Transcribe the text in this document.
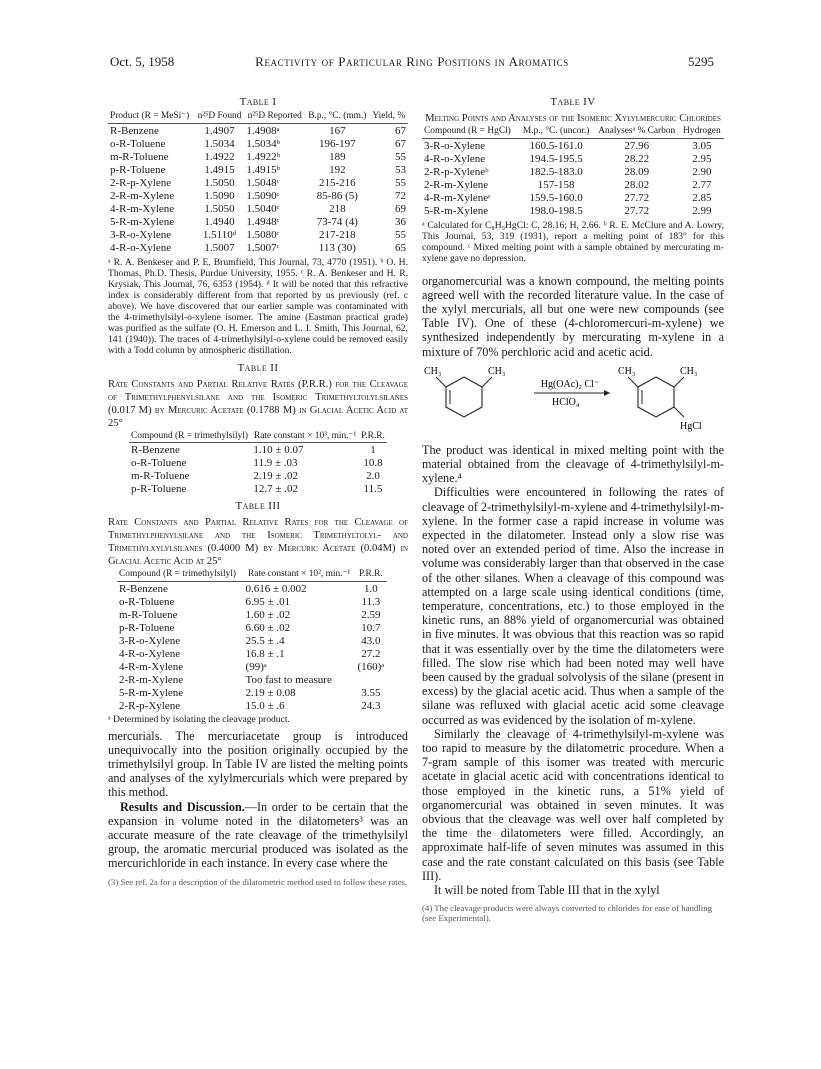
Oct. 5, 1958	Reactivity of Particular Ring Positions in Aromatics	5295
Table I
Product (R = MeSi⁻)	n²⁵D Found	n²⁵D Reported	B.p., °C. (mm.)	Yield, %

R-Benzene	1.4907	1.4908ᵃ	167	67
o-R-Toluene	1.5034	1.5034ᵇ	196-197	67
m-R-Toluene	1.4922	1.4922ᵇ	189	55
p-R-Toluene	1.4915	1.4915ᵇ	192	53
2-R-p-Xylene	1.5050	1.5048ᶜ	215-216	55
2-R-m-Xylene	1.5090	1.5090ᶜ	85-86 (5)	72
4-R-m-Xylene	1.5050	1.5040ᶜ	218	69
5-R-m-Xylene	1.4940	1.4948ᶜ	73-74 (4)	36
3-R-o-Xylene	1.5110ᵈ	1.5080ᶜ	217-218	55
4-R-o-Xylene	1.5007	1.5007ᶜ	113 (30)	65
ᵃ R. A. Benkeser and P. E. Brumfield, This Journal, 73, 4770 (1951). ᵇ O. H. Thomas, Ph.D. Thesis, Purdue University, 1955. ᶜ R. A. Benkeser and H. R. Krysiak, This Journal, 76, 6353 (1954). ᵈ It will be noted that this refractive index is considerably different from that reported by us previously (ref. c above). We have discovered that our earlier sample was contaminated with the 4-trimethylsilyl-o-xylene isomer. The amine (Eastman practical grade) was purified as the sulfate (O. H. Emerson and L. I. Smith, This Journal, 62, 141 (1940)). The traces of 4-trimethylsilyl-o-xylene could be removed easily with a Todd column by atmospheric distillation.
Table II
Rate Constants and Partial Relative Rates (P.R.R.) for the Cleavage of Trimethylphenylsilane and the Isomeric Trimethyltolylsilanes (0.017 M) by Mercuric Acetate (0.1788 M) in Glacial Acetic Acid at 25°
Compound (R = trimethylsilyl)	Rate constant × 10³, min.⁻¹	P.R.R.

R-Benzene	1.10 ± 0.07	1
o-R-Toluene	11.9 ± .03	10.8
m-R-Toluene	2.19 ± .02	2.0
p-R-Toluene	12.7 ± .02	11.5
Table III
Rate Constants and Partial Relative Rates for the Cleavage of Trimethylphenylsilane and the Isomeric Trimethyltolyl- and Trimethylxylylsilanes (0.4000 M) by Mercuric Acetate (0.04M) in Glacial Acetic Acid at 25°
Compound (R = trimethylsilyl)	Rate constant × 10², min.⁻¹	P.R.R.

R-Benzene	0.616 ± 0.002	1.0
o-R-Toluene	6.95 ± .01	11.3
m-R-Toluene	1.60 ± .02	2.59
p-R-Toluene	6.60 ± .02	10.7
3-R-o-Xylene	25.5 ± .4	43.0
4-R-o-Xylene	16.8 ± .1	27.2
4-R-m-Xylene	(99)ᵃ	(160)ᵃ
2-R-m-Xylene	Too fast to measure	
5-R-m-Xylene	2.19 ± 0.08	3.55
2-R-p-Xylene	15.0 ± .6	24.3
ᵃ Determined by isolating the cleavage product.

mercurials. The mercuriacetate group is introduced unequivocally into the position originally occupied by the trimethylsilyl group. In Table IV are listed the melting points and analyses of the xylylmercurials which were prepared by this method.

Results and Discussion.—In order to be certain that the expansion in volume noted in the dilatometers³ was an accurate measure of the rate cleavage of the trimethylsilyl group, the aromatic mercurial produced was isolated as the mercurichloride in each instance. In every case where the

(3) See ref. 2a for a description of the dilatometric method used to follow these rates.
Table IV
Melting Points and Analyses of the Isomeric Xylylmercuric Chlorides
Compound (R = HgCl)	M.p., °C. (uncor.)	Analysesᵃ % Carbon	Hydrogen

3-R-o-Xylene	160.5-161.0	27.96	3.05
4-R-o-Xylene	194.5-195.5	28.22	2.95
2-R-p-Xyleneᵇ	182.5-183.0	28.09	2.90
2-R-m-Xylene	157-158	28.02	2.77
4-R-m-Xyleneᶜ	159.5-160.0	27.72	2.85
5-R-m-Xylene	198.0-198.5	27.72	2.99
ᵃ Calculated for C₈H₉HgCl: C, 28.16; H, 2.66. ᵇ R. E. McClure and A. Lowry, This Journal, 53, 319 (1931), report a melting point of 183° for this compound. ᶜ Mixed melting point with a sample obtained by mercurating m-xylene gave no depression.

organomercurial was a known compound, the melting points agreed well with the recorded literature value. In the case of the xylyl mercurials, all but one were new compounds (see Table IV). One of these (4-chloromercuri-m-xylene) we synthesized independently by mercurating m-xylene in a mixture of 70% perchloric acid and acetic acid.

CH₃	CH₃
Hg(OAc)₂ Cl⁻
HClO₄
CH₃	CH₃
HgCl

The product was identical in mixed melting point with the material obtained from the cleavage of 4-trimethylsilyl-m-xylene.⁴

Difficulties were encountered in following the rates of cleavage of 2-trimethylsilyl-m-xylene and 4-trimethylsilyl-m-xylene. In the former case a rapid increase in volume was expected in the dilatometer. Instead only a slow rise was noted over an extended period of time. Also the increase in volume was considerably larger than that observed in the case of the other silanes. When a cleavage of this compound was attempted on a large scale using identical conditions (time, temperature, concentrations, etc.) to those employed in the kinetic runs, an 88% yield of organomercurial was obtained in five minutes. It was obvious that this reaction was so rapid that it was essentially over by the time the dilatometers were filled. The slow rise which had been noted may well have been caused by the gradual solvolysis of the silane (present in excess) by the glacial acetic acid. Thus when a sample of the silane was refluxed with glacial acetic acid some cleavage occurred as was evidenced by the isolation of m-xylene.

Similarly the cleavage of 4-trimethylsilyl-m-xylene was too rapid to measure by the dilatometric procedure. When a 7-gram sample of this isomer was treated with mercuric acetate in glacial acetic acid with concentrations identical to those employed in the kinetic runs, a 51% yield of organomercurial was obtained in seven minutes. It was obvious that the cleavage was well over half completed by the time the dilatometers were filled. Accordingly, an approximate half-life of seven minutes was assumed in this case and the rate constant calculated on this basis (see Table III).

It will be noted from Table III that in the xylyl

(4) The cleavage products were always converted to chlorides for ease of handling (see Experimental).
